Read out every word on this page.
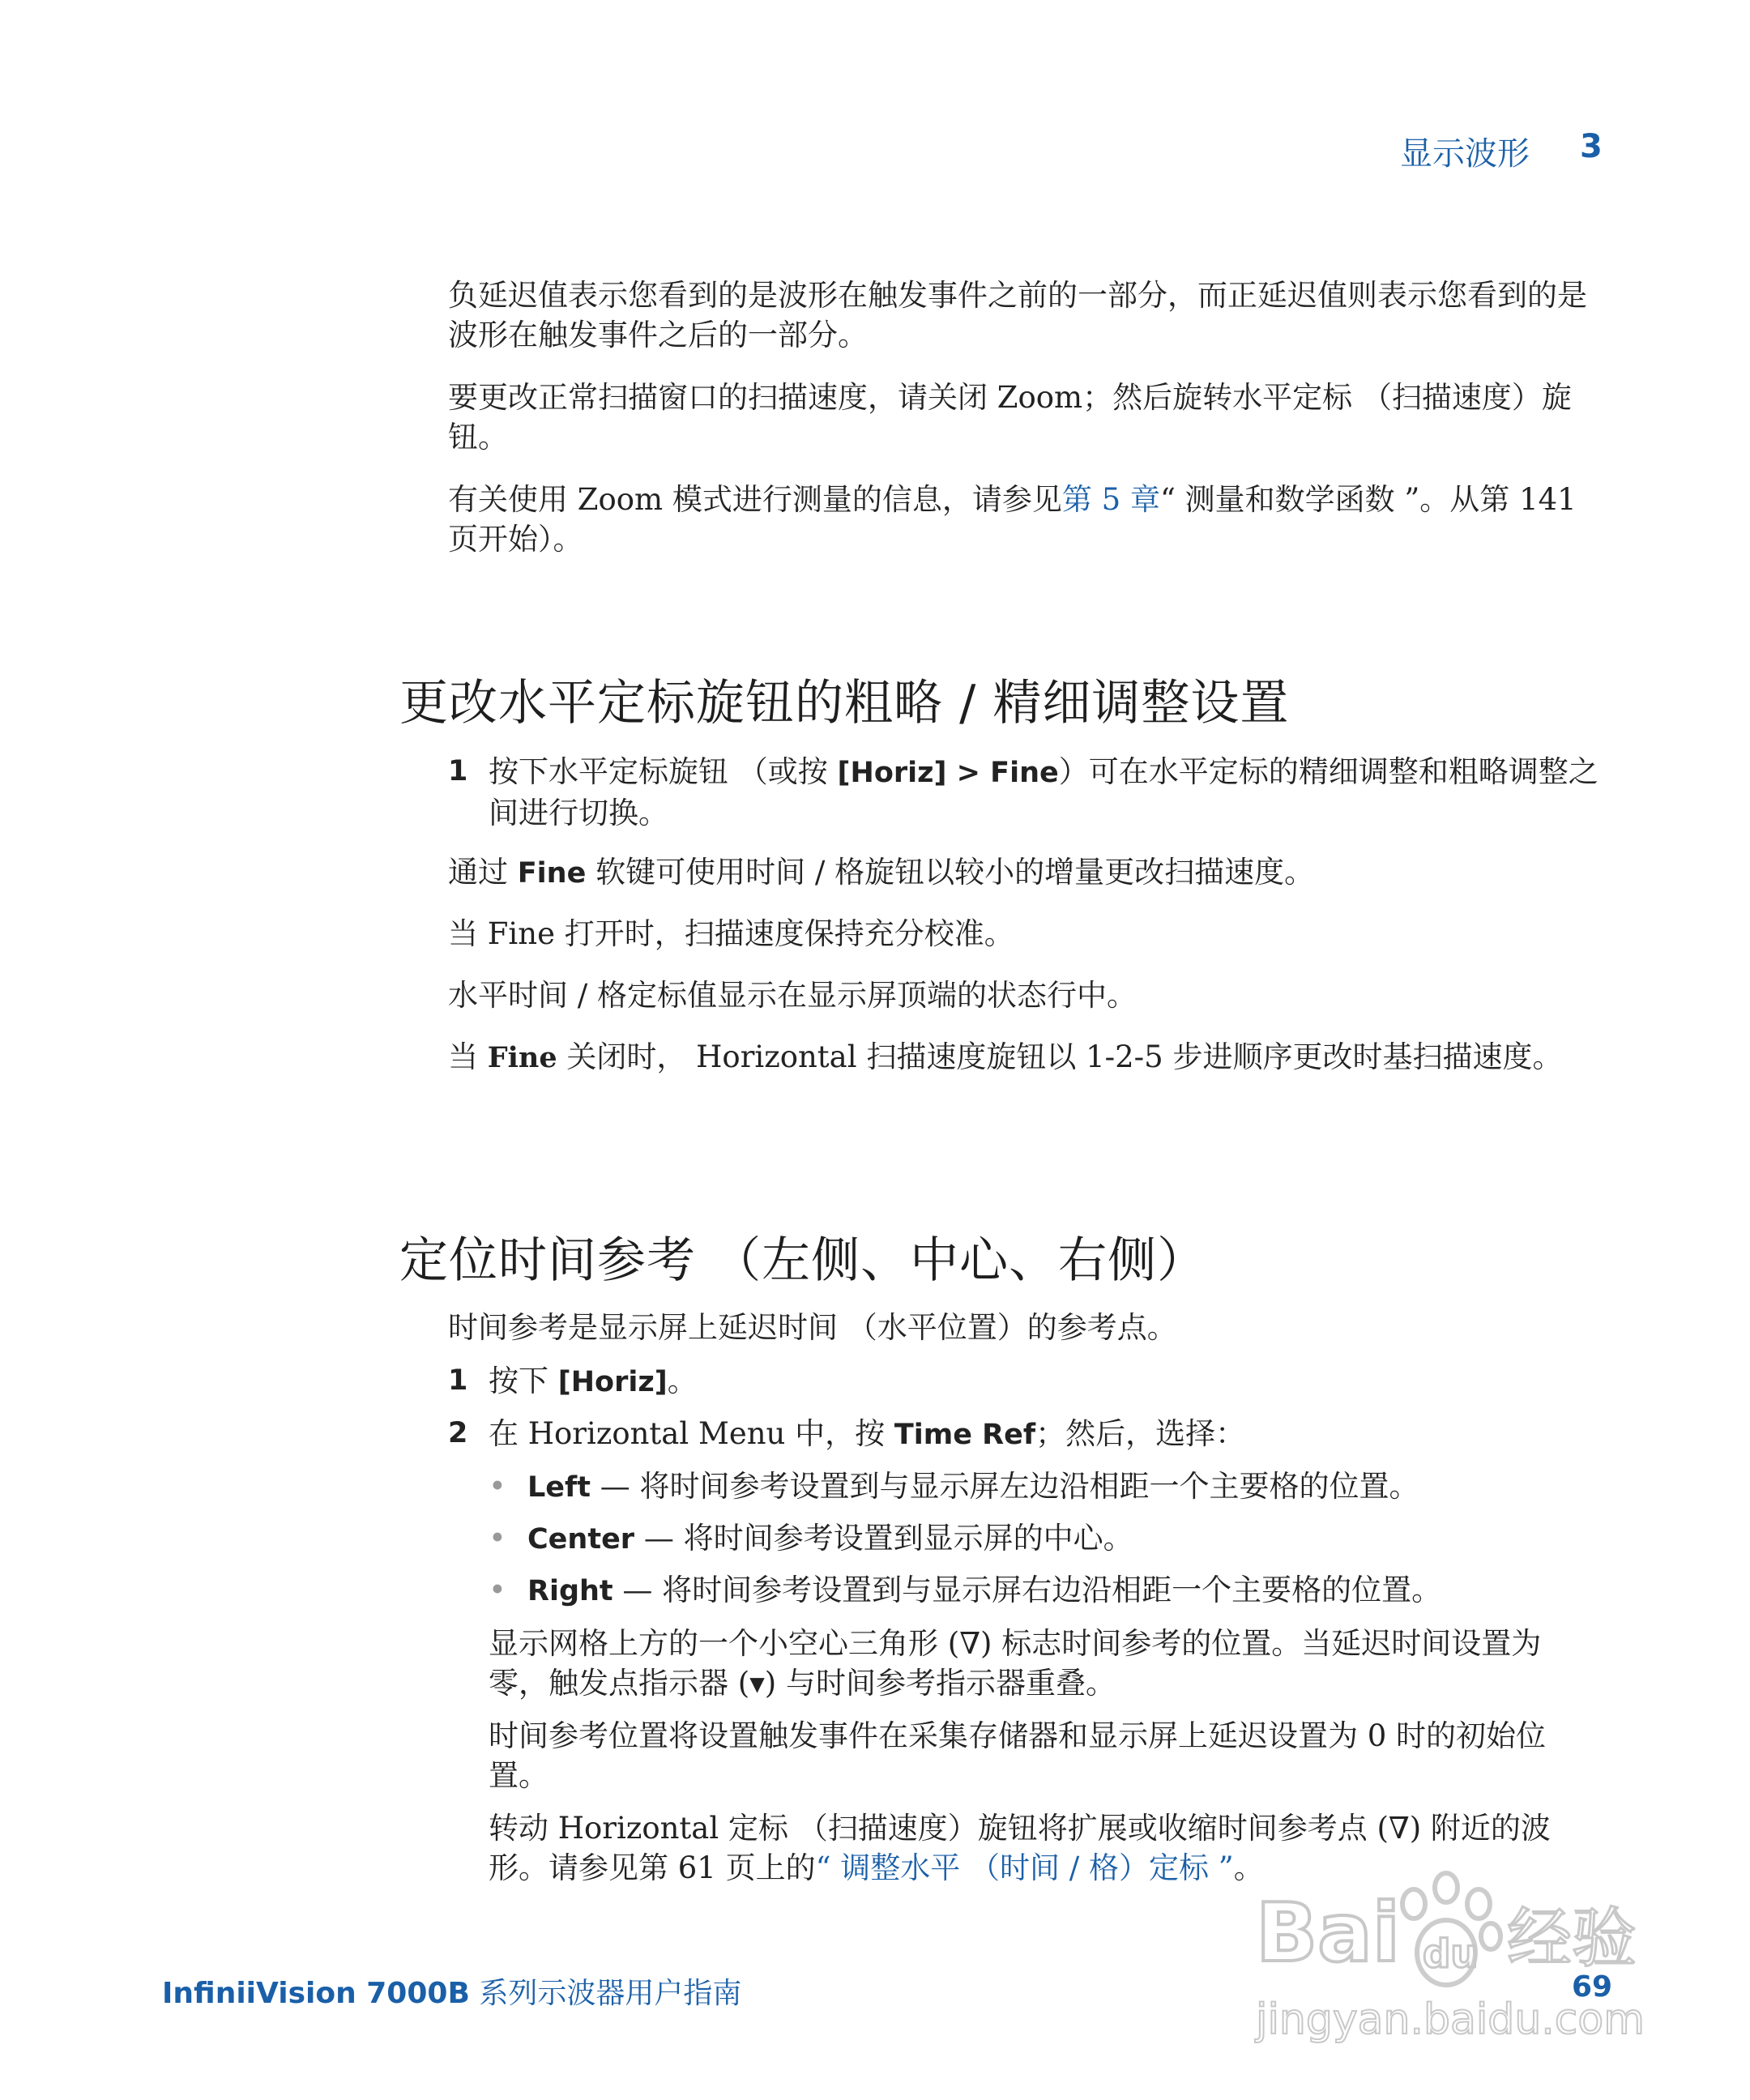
显示波形 3
负延迟值表示您看到的是波形在触发事件之前的一部分，而正延迟值则表示您看到的是波形在触发事件之后的一部分。
要更改正常扫描窗口的扫描速度，请关闭 Zoom；然后旋转水平定标 （扫描速度）旋钮。
有关使用 Zoom 模式进行测量的信息，请参见第 5 章“ 测量和数学函数 ”。从第 141 页开始）。
更改水平定标旋钮的粗略 / 精细调整设置
1 按下水平定标旋钮 （或按 [Horiz] > Fine）可在水平定标的精细调整和粗略调整之间进行切换。
通过 Fine 软键可使用时间 / 格旋钮以较小的增量更改扫描速度。
当 Fine 打开时，扫描速度保持充分校准。
水平时间 / 格定标值显示在显示屏顶端的状态行中。
当 Fine 关闭时， Horizontal 扫描速度旋钮以 1-2-5 步进顺序更改时基扫描速度。
定位时间参考 （左侧、中心、右侧）
时间参考是显示屏上延迟时间 （水平位置）的参考点。
1 按下 [Horiz]。
2 在 Horizontal Menu 中，按 Time Ref；然后，选择：
• Left — 将时间参考设置到与显示屏左边沿相距一个主要格的位置。
• Center — 将时间参考设置到显示屏的中心。
• Right — 将时间参考设置到与显示屏右边沿相距一个主要格的位置。
显示网格上方的一个小空心三角形 (∇) 标志时间参考的位置。当延迟时间设置为零，触发点指示器 (▾) 与时间参考指示器重叠。
时间参考位置将设置触发事件在采集存储器和显示屏上延迟设置为 0 时的初始位置。
转动 Horizontal 定标 （扫描速度）旋钮将扩展或收缩时间参考点 (∇) 附近的波形。请参见第 61 页上的“ 调整水平 （时间 / 格）定标 ”。
InfiniiVision 7000B 系列示波器用户指南	69
Bai du 经验
jingyan.baidu.com
